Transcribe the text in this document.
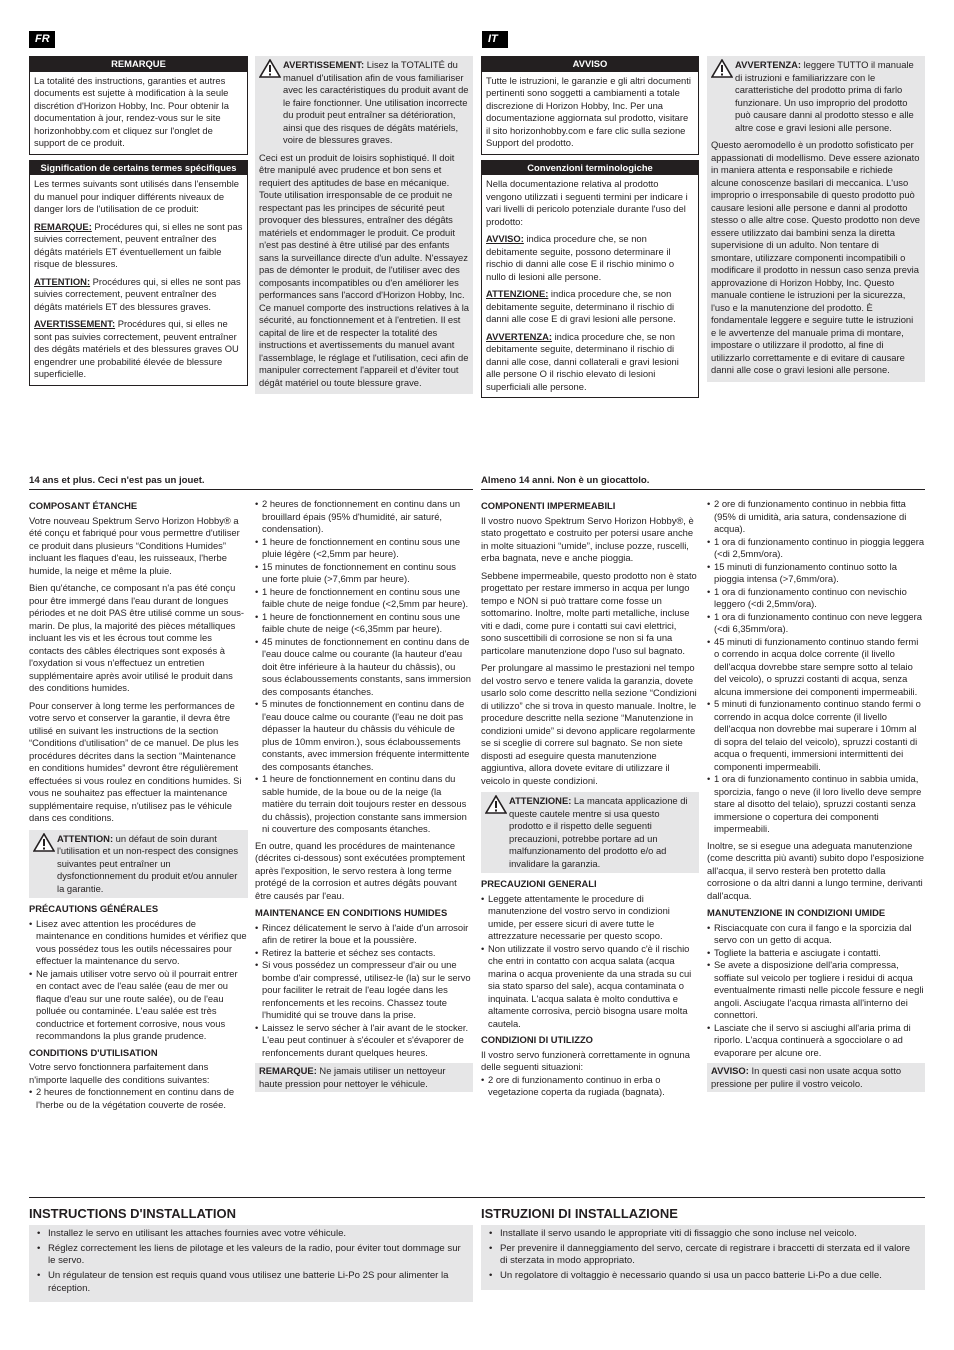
FR
REMARQUE
La totalité des instructions, garanties et autres documents est sujette à modification à la seule discrétion d'Horizon Hobby, Inc. Pour obtenir la documentation à jour, rendez-vous sur le site horizonhobby.com et cliquez sur l'onglet de support de ce produit.
Signification de certains termes spécifiques

Les termes suivants sont utilisés dans l'ensemble du manuel pour indiquer différents niveaux de danger lors de l'utilisation de ce produit:

REMARQUE: Procédures qui, si elles ne sont pas suivies correctement, peuvent entraîner des dégâts matériels ET éventuellement un faible risque de blessures.

ATTENTION: Procédures qui, si elles ne sont pas suivies correctement, peuvent entraîner des dégâts matériels ET des blessures graves.

AVERTISSEMENT: Procédures qui, si elles ne sont pas suivies correctement, peuvent entraîner des dégâts matériels et des blessures graves OU engendrer une probabilité élevée de blessure superficielle.

AVERTISSEMENT: Lisez la TOTALITÉ du manuel d'utilisation afin de vous familiariser avec les caractéristiques du produit avant de le faire fonctionner. Une utilisation incorrecte du produit peut entraîner sa détérioration, ainsi que des risques de dégâts matériels, voire de blessures graves.

Ceci est un produit de loisirs sophistiqué. Il doit être manipulé avec prudence et bon sens et requiert des aptitudes de base en mécanique. Toute utilisation irresponsable de ce produit ne respectant pas les principes de sécurité peut provoquer des blessures, entraîner des dégâts matériels et endommager le produit. Ce produit n'est pas destiné à être utilisé par des enfants sans la surveillance directe d'un adulte. N'essayez pas de démonter le produit, de l'utiliser avec des composants incompatibles ou d'en améliorer les performances sans l'accord d'Horizon Hobby, Inc. Ce manuel comporte des instructions relatives à la sécurité, au fonctionnement et à l'entretien. Il est capital de lire et de respecter la totalité des instructions et avertissements du manuel avant l'assemblage, le réglage et l'utilisation, ceci afin de manipuler correctement l'appareil et d'éviter tout dégât matériel ou toute blessure grave.

14 ans et plus. Ceci n'est pas un jouet.
COMPOSANT ÉTANCHE

Votre nouveau Spektrum Servo Horizon Hobby® a été conçu et fabriqué pour vous permettre d'utiliser ce produit dans plusieurs “Conditions Humides” incluant les flaques d'eau, les ruisseaux, l'herbe humide, la neige et même la pluie.

Bien qu'étanche, ce composant n'a pas été conçu pour être immergé dans l'eau durant de longues périodes et ne doit PAS être utilisé comme un sous-marin. De plus, la majorité des pièces métalliques incluant les vis et les écrous tout comme les contacts des câbles électriques sont exposés à l'oxydation si vous n'effectuez un entretien supplémentaire après avoir utilisé le produit dans des conditions humides.

Pour conserver à long terme les performances de votre servo et conserver la garantie, il devra être utilisé en suivant les instructions de la section “Conditions d'utilisation” de ce manuel. De plus les procédures décrites dans la section “Maintenance en conditions humides” devront être régulièrement effectuées si vous roulez en conditions humides. Si vous ne souhaitez pas effectuer la maintenance supplémentaire requise, n'utilisez pas le véhicule dans ces conditions.

ATTENTION: un défaut de soin durant l'utilisation et un non-respect des consignes suivantes peut entraîner un dysfonctionnement du produit et/ou annuler la garantie.
PRÉCAUTIONS GÉNÉRALES
• Lisez avec attention les procédures de maintenance en conditions humides et vérifiez que vous possédez tous les outils nécessaires pour effectuer la maintenance du servo.
• Ne jamais utiliser votre servo où il pourrait entrer en contact avec de l'eau salée (eau de mer ou flaque d'eau sur une route salée), ou de l'eau polluée ou contaminée. L'eau salée est très conductrice et fortement corrosive, nous vous recommandons la plus grande prudence.
CONDITIONS D'UTILISATION
Votre servo fonctionnera parfaitement dans n'importe laquelle des conditions suivantes:
• 2 heures de fonctionnement en continu dans de l'herbe ou de la végétation couverte de rosée.
• 2 heures de fonctionnement en continu dans un brouillard épais (95% d'humidité, air saturé, condensation).
• 1 heure de fonctionnement en continu sous une pluie légère (<2,5mm par heure).
• 15 minutes de fonctionnement en continu sous une forte pluie (>7,6mm par heure).
• 1 heure de fonctionnement en continu sous une faible chute de neige fondue (<2,5mm par heure).
• 1 heure de fonctionnement en continu sous une faible chute de neige (<6,35mm par heure).
• 45 minutes de fonctionnement en continu dans de l'eau douce calme ou courante (la hauteur d'eau doit être inférieure à la hauteur du châssis), ou sous éclaboussements constants, sans immersion des composants étanches.
• 5 minutes de fonctionnement en continu dans de l'eau douce calme ou courante (l'eau ne doit pas dépasser la hauteur du châssis du véhicule de plus de 10mm environ.), sous éclaboussements constants, avec immersion fréquente intermittente des composants étanches.
• 1 heure de fonctionnement en continu dans du sable humide, de la boue ou de la neige (la matière du terrain doit toujours rester en dessous du châssis), projection constante sans immersion ni couverture des composants étanches.

En outre, quand les procédures de maintenance (décrites ci-dessous) sont exécutées promptement après l'exposition, le servo restera à long terme protégé de la corrosion et autres dégâts pouvant être causés par l'eau.

MAINTENANCE EN CONDITIONS HUMIDES
• Rincez délicatement le servo à l'aide d'un arrosoir afin de retirer la boue et la poussière.
• Retirez la batterie et séchez ses contacts.
• Si vous possédez un compresseur d'air ou une bombe d'air compressé, utilisez-le (la) sur le servo pour faciliter le retrait de l'eau logée dans les renfoncements et les recoins. Chassez toute l'humidité qui se trouve dans la prise.
• Laissez le servo sécher à l'air avant de le stocker. L'eau peut continuer à s'écouler et s'évaporer de renfoncements durant quelques heures.
REMARQUE: Ne jamais utiliser un nettoyeur haute pression pour nettoyer le véhicule.
IT
AVVISO
Tutte le istruzioni, le garanzie e gli altri documenti pertinenti sono soggetti a cambiamenti a totale discrezione di Horizon Hobby, Inc. Per una documentazione aggiornata sul prodotto, visitare il sito horizonhobby.com e fare clic sulla sezione Support del prodotto.
Convenzioni terminologiche

Nella documentazione relativa al prodotto vengono utilizzati i seguenti termini per indicare i vari livelli di pericolo potenziale durante l'uso del prodotto:

AVVISO: indica procedure che, se non debitamente seguite, possono determinare il rischio di danni alle cose E il rischio minimo o nullo di lesioni alle persone.

ATTENZIONE: indica procedure che, se non debitamente seguite, determinano il rischio di danni alle cose E di gravi lesioni alle persone.

AVVERTENZA: indica procedure che, se non debitamente seguite, determinano il rischio di danni alle cose, danni collaterali e gravi lesioni alle persone O il rischio elevato di lesioni superficiali alle persone.

AVVERTENZA: leggere TUTTO il manuale di istruzioni e familiarizzare con le caratteristiche del prodotto prima di farlo funzionare. Un uso improprio del prodotto può causare danni al prodotto stesso e alle altre cose e gravi lesioni alle persone.

Questo aeromodello è un prodotto sofisticato per appassionati di modellismo. Deve essere azionato in maniera attenta e responsabile e richiede alcune conoscenze basilari di meccanica. L'uso improprio o irresponsabile di questo prodotto può causare lesioni alle persone e danni al prodotto stesso o alle altre cose. Questo prodotto non deve essere utilizzato dai bambini senza la diretta supervisione di un adulto. Non tentare di smontare, utilizzare componenti incompatibili o modificare il prodotto in nessun caso senza previa approvazione di Horizon Hobby, Inc. Questo manuale contiene le istruzioni per la sicurezza, l'uso e la manutenzione del prodotto. È fondamentale leggere e seguire tutte le istruzioni e le avvertenze del manuale prima di montare, impostare o utilizzare il prodotto, al fine di utilizzarlo correttamente e di evitare di causare danni alle cose o gravi lesioni alle persone.

Almeno 14 anni. Non è un giocattolo.
COMPONENTI IMPERMEABILI

Il vostro nuovo Spektrum Servo Horizon Hobby®, è stato progettato e costruito per potersi usare anche in molte situazioni “umide”, incluse pozze, ruscelli, erba bagnata, neve e anche pioggia.

Sebbene impermeabile, questo prodotto non è stato progettato per restare immerso in acqua per lungo tempo e NON si può trattare come fosse un sottomarino. Inoltre, molte parti metalliche, incluse viti e dadi, come pure i contatti sui cavi elettrici, sono suscettibili di corrosione se non si fa una particolare manutenzione dopo l'uso sul bagnato.

Per prolungare al massimo le prestazioni nel tempo del vostro servo e tenere valida la garanzia, dovete usarlo solo come descritto nella sezione “Condizioni di utilizzo” che si trova in questo manuale. Inoltre, le procedure descritte nella sezione “Manutenzione in condizioni umide” si devono applicare regolarmente se si sceglie di correre sul bagnato. Se non siete disposti ad eseguire questa manutenzione aggiuntiva, allora dovete evitare di utilizzare il veicolo in queste condizioni.

ATTENZIONE: La mancata applicazione di queste cautele mentre si usa questo prodotto e il rispetto delle seguenti precauzioni, potrebbe portare ad un malfunzionamento del prodotto e/o ad invalidare la garanzia.
PRECAUZIONI GENERALI
• Leggete attentamente le procedure di manutenzione del vostro servo in condizioni umide, per essere sicuri di avere tutte le attrezzature necessarie per questo scopo.
• Non utilizzate il vostro servo quando c'è il rischio che entri in contatto con acqua salata (acqua marina o acqua proveniente da una strada su cui sia stato sparso del sale), acqua contaminata o inquinata. L'acqua salata è molto conduttiva e altamente corrosiva, perciò bisogna usare molta cautela.
CONDIZIONI DI UTILIZZO
Il vostro servo funzionerà correttamente in ognuna delle seguenti situazioni:
• 2 ore di funzionamento continuo in erba o vegetazione coperta da rugiada (bagnata).
• 2 ore di funzionamento continuo in nebbia fitta (95% di umidità, aria satura, condensazione di acqua).
• 1 ora di funzionamento continuo in pioggia leggera (<di 2,5mm/ora).
• 15 minuti di funzionamento continuo sotto la pioggia intensa (>7,6mm/ora).
• 1 ora di funzionamento continuo con nevischio leggero (<di 2,5mm/ora).
• 1 ora di funzionamento continuo con neve leggera (<di 6,35mm/ora).
• 45 minuti di funzionamento continuo stando fermi o correndo in acqua dolce corrente (il livello dell'acqua dovrebbe stare sempre sotto al telaio del veicolo), o spruzzi costanti di acqua, senza alcuna immersione dei componenti impermeabili.
• 5 minuti di funzionamento continuo stando fermi o correndo in acqua dolce corrente (il livello dell'acqua non dovrebbe mai superare i 10mm al di sopra del telaio del veicolo), spruzzi costanti di acqua o frequenti, immersioni intermittenti dei componenti impermeabili.
• 1 ora di funzionamento continuo in sabbia umida, sporcizia, fango o neve (il loro livello deve sempre stare al disotto del telaio), spruzzi costanti senza immersione o copertura dei componenti impermeabili.

Inoltre, se si esegue una adeguata manutenzione (come descritta più avanti) subito dopo l'esposizione all'acqua, il servo resterà ben protetto dalla corrosione o da altri danni a lungo termine, derivanti dall'acqua.

MANUTENZIONE IN CONDIZIONI UMIDE
• Risciacquate con cura il fango e la sporcizia dal servo con un getto di acqua.
• Togliete la batteria e asciugate i contatti.
• Se avete a disposizione dell'aria compressa, soffiate sul veicolo per togliere i residui di acqua eventualmente rimasti nelle piccole fessure e negli angoli. Asciugate l'acqua rimasta all'interno dei connettori.
• Lasciate che il servo si asciughi all'aria prima di riporlo. L'acqua continuerà a sgocciolare o ad evaporare per alcune ore.
AVVISO: In questi casi non usate acqua sotto pressione per pulire il vostro veicolo.
INSTRUCTIONS D'INSTALLATION
• Installez le servo en utilisant les attaches fournies avec votre véhicule.
• Réglez correctement les liens de pilotage et les valeurs de la radio, pour éviter tout dommage sur le servo.
• Un régulateur de tension est requis quand vous utilisez une batterie Li-Po 2S pour alimenter la réception.
ISTRUZIONI DI INSTALLAZIONE
• Installate il servo usando le appropriate viti di fissaggio che sono incluse nel veicolo.
• Per prevenire il danneggiamento del servo, cercate di registrare i braccetti di sterzata ed il valore di sterzata in modo appropriato.
• Un regolatore di voltaggio è necessario quando si usa un pacco batterie Li-Po a due celle.
